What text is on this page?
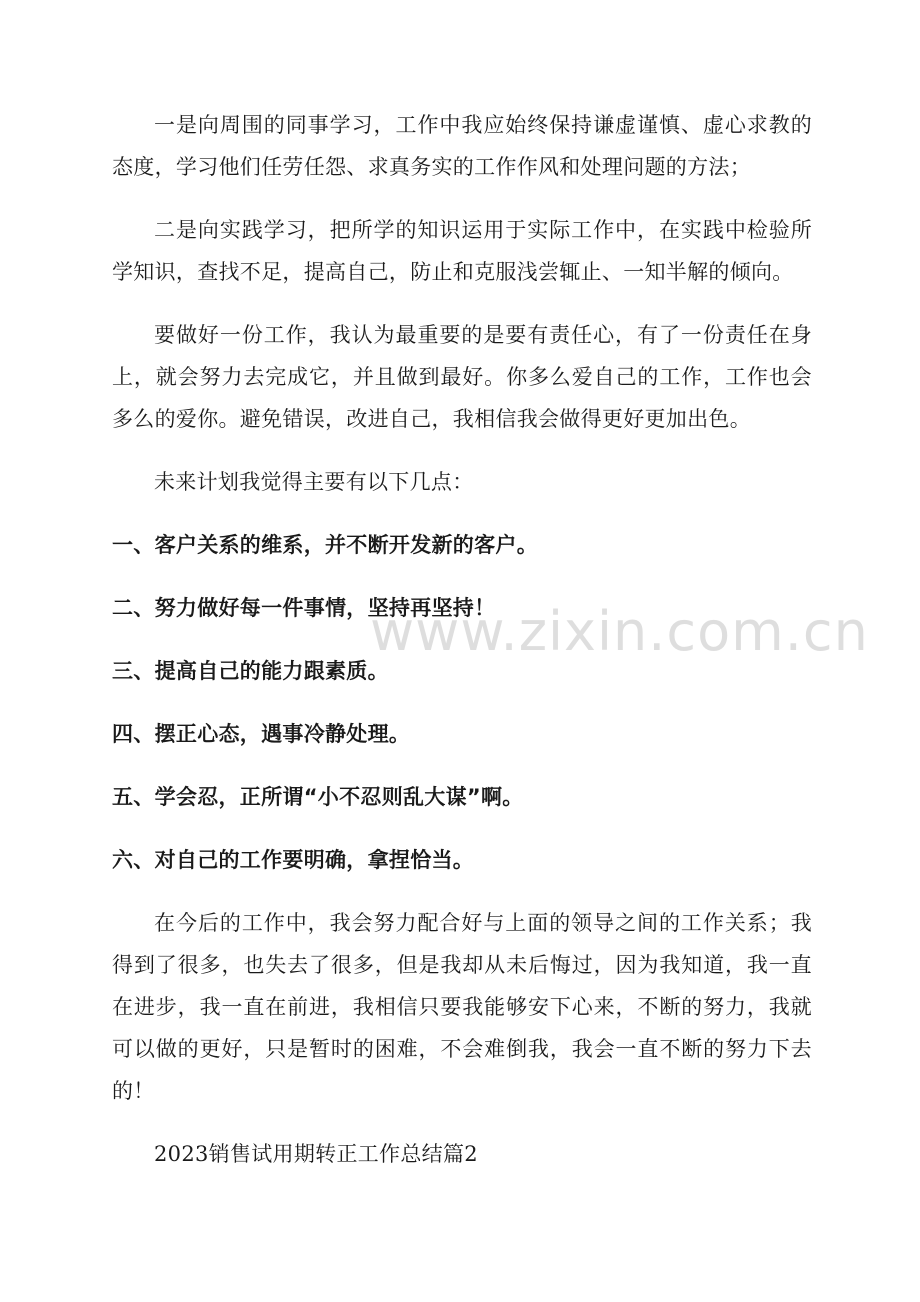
一是向周围的同事学习，工作中我应始终保持谦虚谨慎、虚心求教的态度，学习他们任劳任怨、求真务实的工作作风和处理问题的方法；

二是向实践学习，把所学的知识运用于实际工作中，在实践中检验所学知识，查找不足，提高自己，防止和克服浅尝辄止、一知半解的倾向。

要做好一份工作，我认为最重要的是要有责任心，有了一份责任在身上，就会努力去完成它，并且做到最好。你多么爱自己的工作，工作也会多么的爱你。避免错误，改进自己，我相信我会做得更好更加出色。

未来计划我觉得主要有以下几点：

一、客户关系的维系，并不断开发新的客户。

二、努力做好每一件事情，坚持再坚持！

三、提高自己的能力跟素质。

四、摆正心态，遇事冷静处理。

五、学会忍，正所谓“小不忍则乱大谋”啊。

六、对自己的工作要明确，拿捏恰当。

在今后的工作中，我会努力配合好与上面的领导之间的工作关系；我得到了很多，也失去了很多，但是我却从未后悔过，因为我知道，我一直在进步，我一直在前进，我相信只要我能够安下心来，不断的努力，我就可以做的更好，只是暂时的困难，不会难倒我，我会一直不断的努力下去的！

2023销售试用期转正工作总结篇2

www.zixin.com.cn
